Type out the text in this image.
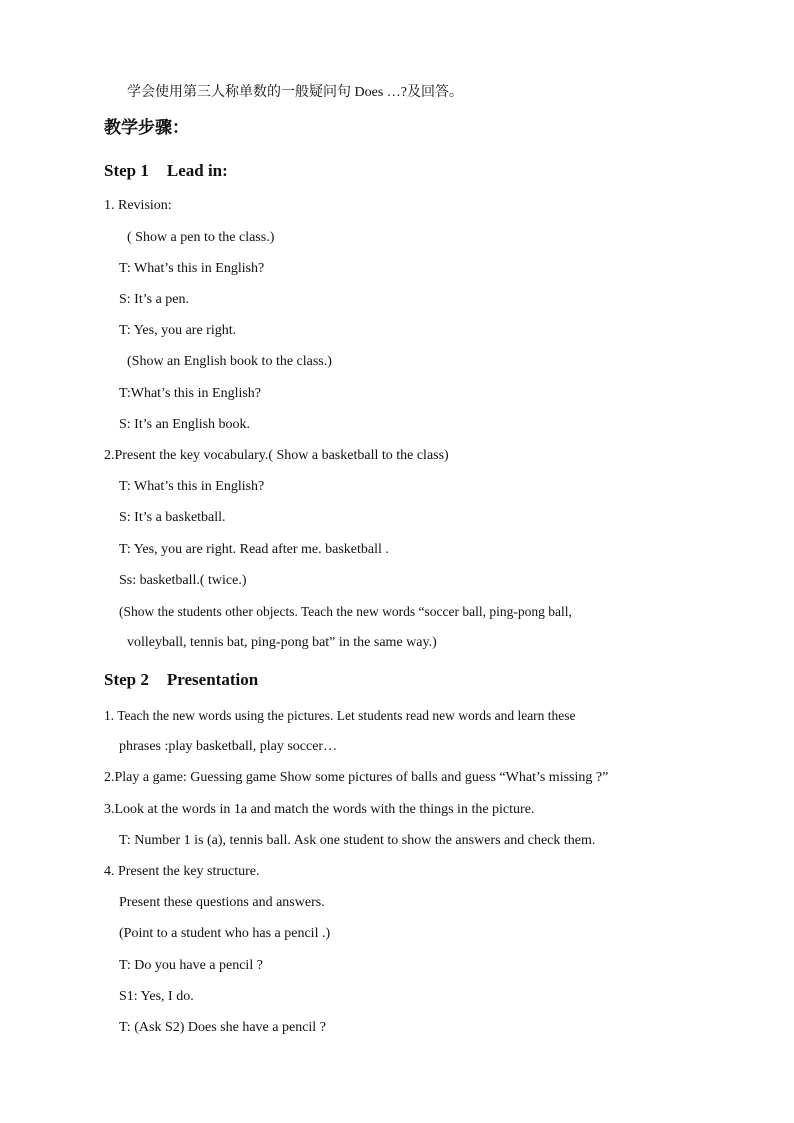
学会使用第三人称单数的一般疑问句 Does …?及回答。
教学步骤：
Step 1 Lead in:
1. Revision:
( Show a pen to the class.)
T: What’s this in English?
S: It’s a pen.
T: Yes, you are right.
(Show an English book to the class.)
T:What’s this in English?
S: It’s an English book.
2.Present the key vocabulary.( Show a basketball to the class)
T: What’s this in English?
S: It’s a basketball.
T: Yes, you are right. Read after me. basketball .
Ss: basketball.( twice.)
(Show the students other objects. Teach the new words “soccer ball, ping-pong ball,
volleyball, tennis bat, ping-pong bat” in the same way.)
Step 2 Presentation
1. Teach the new words using the pictures. Let students read new words and learn these
phrases :play basketball, play soccer…
2.Play a game: Guessing game Show some pictures of balls and guess “What’s missing ?”
3.Look at the words in 1a and match the words with the things in the picture.
T: Number 1 is (a), tennis ball. Ask one student to show the answers and check them.
4. Present the key structure.
Present these questions and answers.
(Point to a student who has a pencil .)
T: Do you have a pencil ?
S1: Yes, I do.
T: (Ask S2) Does she have a pencil ?
